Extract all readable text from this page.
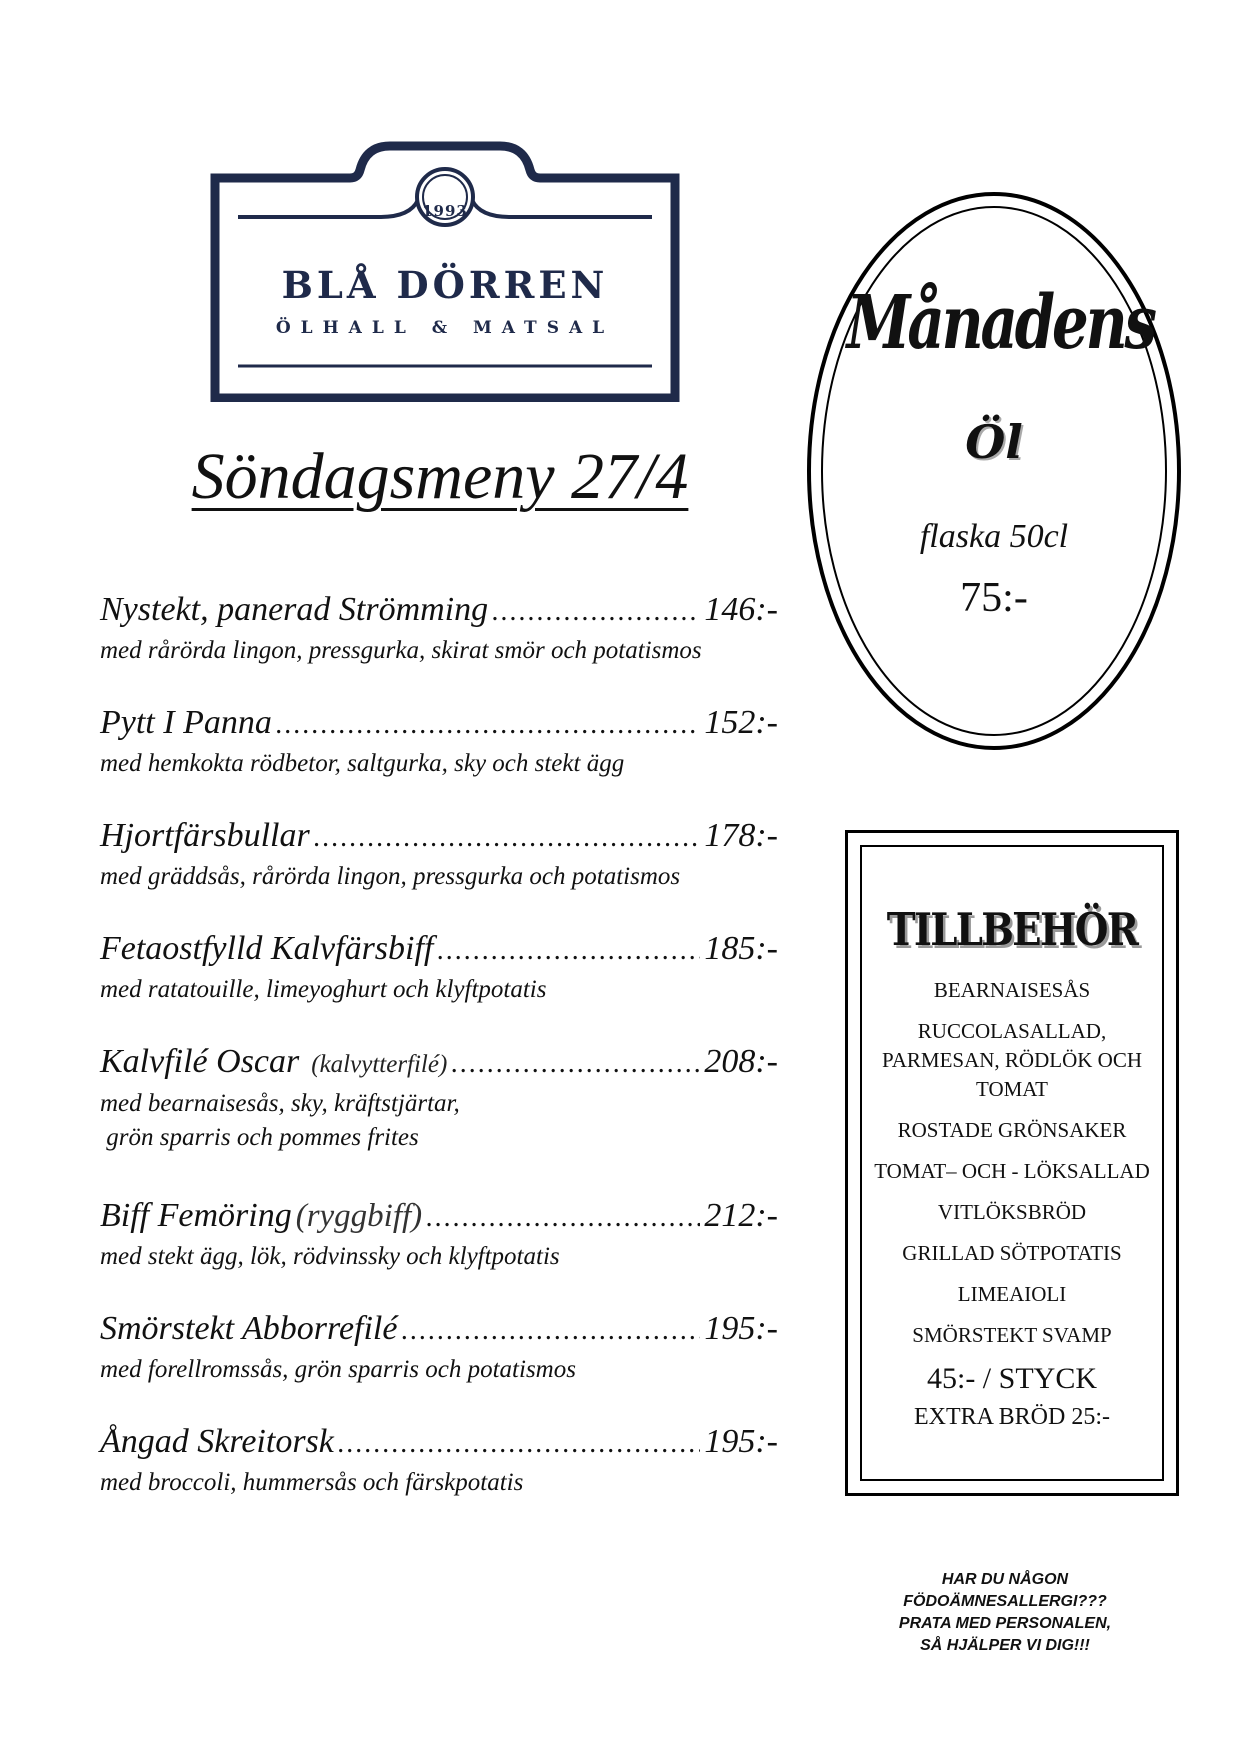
1993
BLÅ DÖRREN
ÖLHALL & MATSAL
Söndagsmeny 27/4
Nystekt, panerad Strömming .....	146:-
med rårörda lingon, pressgurka, skirat smör och potatismos
Pytt I Panna .....	152:-
med hemkokta rödbetor, saltgurka, sky och stekt ägg
Hjortfärsbullar .....	178:-
med gräddsås, rårörda lingon, pressgurka och potatismos
Fetaostfylld Kalvfärsbiff .....	185:-
med ratatouille, limeyoghurt och klyftpotatis
Kalvfilé Oscar (kalvytterfilé) .....	208:-
med bearnaisesås, sky, kräftstjärtar,
grön sparris och pommes frites
Biff Femöring (ryggbiff) .....	212:-
med stekt ägg, lök, rödvinssky och klyftpotatis
Smörstekt Abborrefilé .....	195:-
med forellromssås, grön sparris och potatismos
Ångad Skreitorsk .....	195:-
med broccoli, hummersås och färskpotatis
Månadens
Öl
flaska 50cl
75:-
TILLBEHÖR
BEARNAISESÅS
RUCCOLASALLAD, PARMESAN, RÖDLÖK OCH TOMAT
ROSTADE GRÖNSAKER
TOMAT– OCH - LÖKSALLAD
VITLÖKSBRÖD
GRILLAD SÖTPOTATIS
LIMEAIOLI
SMÖRSTEKT SVAMP
45:- / STYCK
EXTRA BRÖD 25:-
HAR DU NÅGON
FÖDOÄMNESALLERGI???
PRATA MED PERSONALEN,
SÅ HJÄLPER VI DIG!!!
